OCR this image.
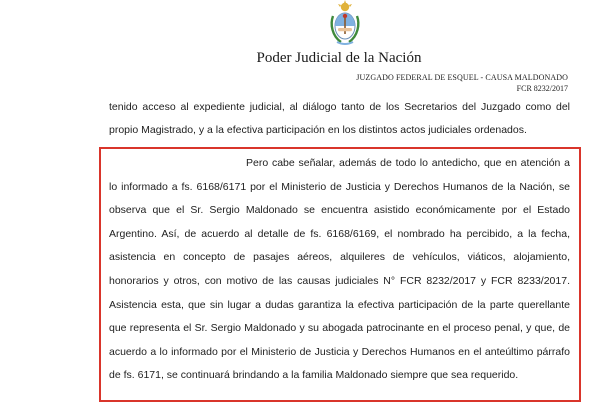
Poder Judicial de la Nación
JUZGADO FEDERAL DE ESQUEL - CAUSA MALDONADO
FCR 8232/2017
tenido acceso al expediente judicial, al diálogo tanto de los Secretarios del Juzgado como del propio Magistrado, y a la efectiva participación en los distintos actos judiciales ordenados.
Pero cabe señalar, además de todo lo antedicho, que en atención a lo informado a fs. 6168/6171 por el Ministerio de Justicia y Derechos Humanos de la Nación, se observa que el Sr. Sergio Maldonado se encuentra asistido económicamente por el Estado Argentino. Así, de acuerdo al detalle de fs. 6168/6169, el nombrado ha percibido, a la fecha, asistencia en concepto de pasajes aéreos, alquileres de vehículos, viáticos, alojamiento, honorarios y otros, con motivo de las causas judiciales N° FCR 8232/2017 y FCR 8233/2017. Asistencia esta, que sin lugar a dudas garantiza la efectiva participación de la parte querellante que representa el Sr. Sergio Maldonado y su abogada patrocinante en el proceso penal, y que, de acuerdo a lo informado por el Ministerio de Justicia y Derechos Humanos en el anteúltimo párrafo de fs. 6171, se continuará brindando a la familia Maldonado siempre que sea requerido.
